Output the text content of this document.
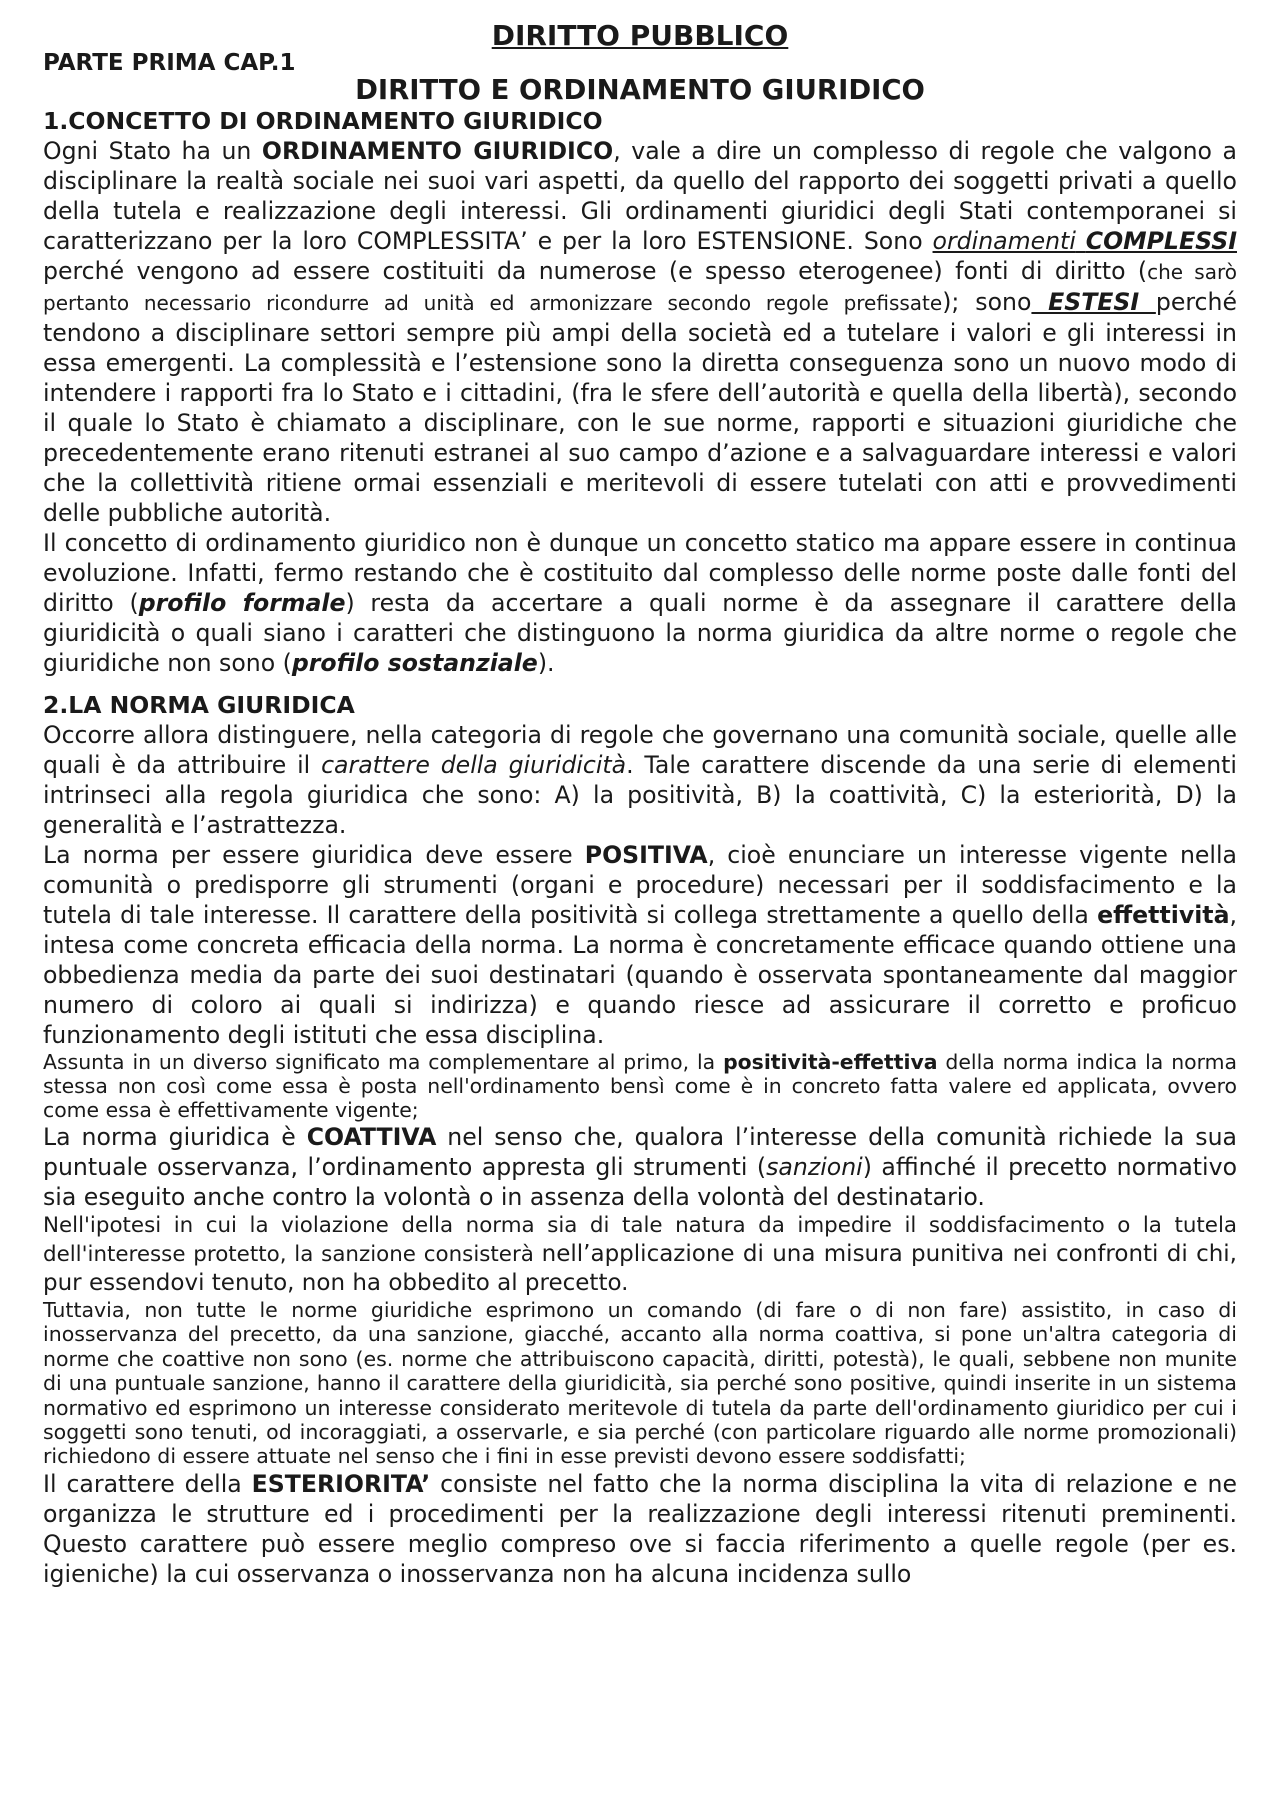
DIRITTO PUBBLICO
PARTE PRIMA CAP.1
DIRITTO E ORDINAMENTO GIURIDICO
1.CONCETTO DI ORDINAMENTO GIURIDICO

Ogni Stato ha un ORDINAMENTO GIURIDICO, vale a dire un complesso di regole che valgono a disciplinare la realtà sociale nei suoi vari aspetti, da quello del rapporto dei soggetti privati a quello della tutela e realizzazione degli interessi. Gli ordinamenti giuridici degli Stati contemporanei si caratterizzano per la loro COMPLESSITA’ e per la loro ESTENSIONE. Sono ordinamenti COMPLESSI perché vengono ad essere costituiti da numerose (e spesso eterogenee) fonti di diritto (che sarò pertanto necessario ricondurre ad unità ed armonizzare secondo regole prefissate); sono ESTESI perché tendono a disciplinare settori sempre più ampi della società ed a tutelare i valori e gli interessi in essa emergenti. La complessità e l’estensione sono la diretta conseguenza sono un nuovo modo di intendere i rapporti fra lo Stato e i cittadini, (fra le sfere dell’autorità e quella della libertà), secondo il quale lo Stato è chiamato a disciplinare, con le sue norme, rapporti e situazioni giuridiche che precedentemente erano ritenuti estranei al suo campo d’azione e a salvaguardare interessi e valori che la collettività ritiene ormai essenziali e meritevoli di essere tutelati con atti e provvedimenti delle pubbliche autorità.

Il concetto di ordinamento giuridico non è dunque un concetto statico ma appare essere in continua evoluzione. Infatti, fermo restando che è costituito dal complesso delle norme poste dalle fonti del diritto (profilo formale) resta da accertare a quali norme è da assegnare il carattere della giuridicità o quali siano i caratteri che distinguono la norma giuridica da altre norme o regole che giuridiche non sono (profilo sostanziale).

2.LA NORMA GIURIDICA

Occorre allora distinguere, nella categoria di regole che governano una comunità sociale, quelle alle quali è da attribuire il carattere della giuridicità. Tale carattere discende da una serie di elementi intrinseci alla regola giuridica che sono: A) la positività, B) la coattività, C) la esteriorità, D) la generalità e l’astrattezza.

La norma per essere giuridica deve essere POSITIVA, cioè enunciare un interesse vigente nella comunità o predisporre gli strumenti (organi e procedure) necessari per il soddisfacimento e la tutela di tale interesse. Il carattere della positività si collega strettamente a quello della effettività, intesa come concreta efficacia della norma. La norma è concretamente efficace quando ottiene una obbedienza media da parte dei suoi destinatari (quando è osservata spontaneamente dal maggior numero di coloro ai quali si indirizza) e quando riesce ad assicurare il corretto e proficuo funzionamento degli istituti che essa disciplina.

Assunta in un diverso significato ma complementare al primo, la positività-effettiva della norma indica la norma stessa non così come essa è posta nell'ordinamento bensì come è in concreto fatta valere ed applicata, ovvero come essa è effettivamente vigente;

La norma giuridica è COATTIVA nel senso che, qualora l’interesse della comunità richiede la sua puntuale osservanza, l’ordinamento appresta gli strumenti (sanzioni) affinché il precetto normativo sia eseguito anche contro la volontà o in assenza della volontà del destinatario.

Nell'ipotesi in cui la violazione della norma sia di tale natura da impedire il soddisfacimento o la tutela dell'interesse protetto, la sanzione consisterà nell’applicazione di una misura punitiva nei confronti di chi, pur essendovi tenuto, non ha obbedito al precetto.

Tuttavia, non tutte le norme giuridiche esprimono un comando (di fare o di non fare) assistito, in caso di inosservanza del precetto, da una sanzione, giacché, accanto alla norma coattiva, si pone un'altra categoria di norme che coattive non sono (es. norme che attribuiscono capacità, diritti, potestà), le quali, sebbene non munite di una puntuale sanzione, hanno il carattere della giuridicità, sia perché sono positive, quindi inserite in un sistema normativo ed esprimono un interesse considerato meritevole di tutela da parte dell'ordinamento giuridico per cui i soggetti sono tenuti, od incoraggiati, a osservarle, e sia perché (con particolare riguardo alle norme promozionali) richiedono di essere attuate nel senso che i fini in esse previsti devono essere soddisfatti;

Il carattere della ESTERIORITA’ consiste nel fatto che la norma disciplina la vita di relazione e ne organizza le strutture ed i procedimenti per la realizzazione degli interessi ritenuti preminenti. Questo carattere può essere meglio compreso ove si faccia riferimento a quelle regole (per es. igieniche) la cui osservanza o inosservanza non ha alcuna incidenza sullo
